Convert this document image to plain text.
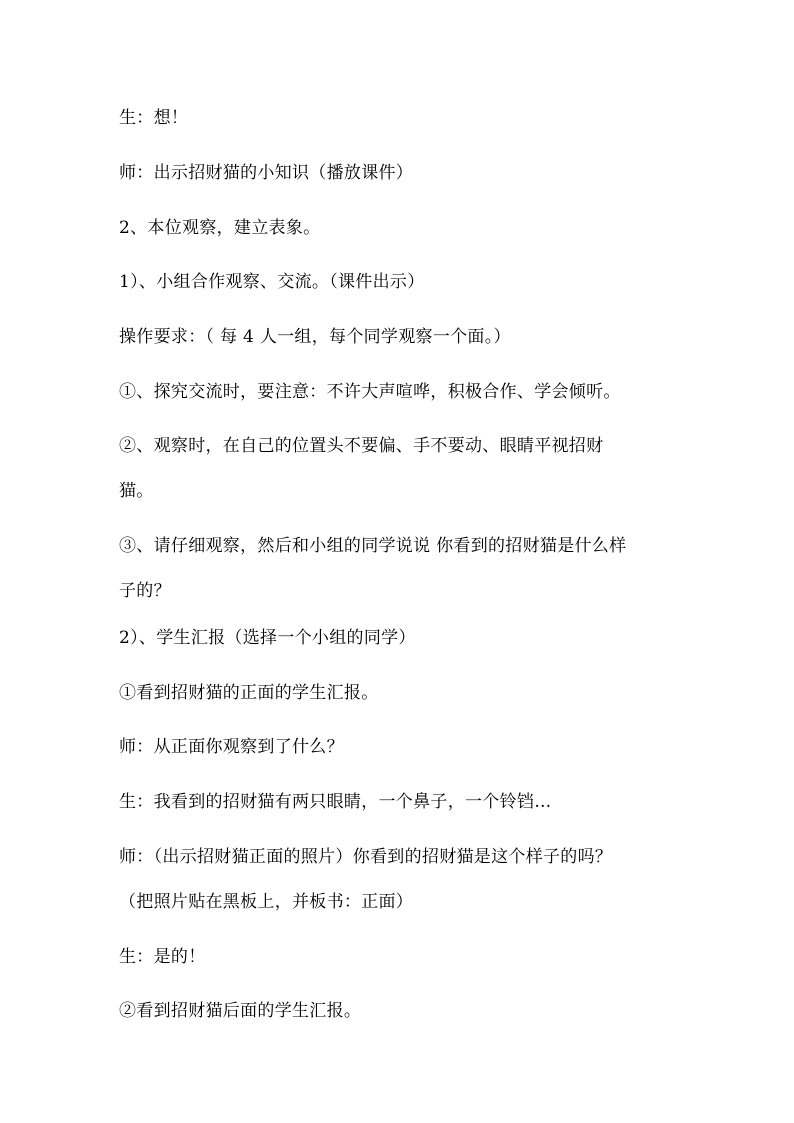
生：想！
师：出示招财猫的小知识（播放课件）
2、本位观察，建立表象。
1）、小组合作观察、交流。（课件出示）
操作要求：（ 每 4 人一组，每个同学观察一个面。）
①、探究交流时，要注意：不许大声喧哗，积极合作、学会倾听。
②、观察时，在自己的位置头不要偏、手不要动、眼睛平视招财
猫。
③、请仔细观察，然后和小组的同学说说 你看到的招财猫是什么样
子的？
2）、学生汇报（选择一个小组的同学）
①看到招财猫的正面的学生汇报。
师：从正面你观察到了什么？
生：我看到的招财猫有两只眼睛，一个鼻子，一个铃铛…
师：（出示招财猫正面的照片）你看到的招财猫是这个样子的吗？
（把照片贴在黑板上，并板书：正面）
生：是的！
②看到招财猫后面的学生汇报。
